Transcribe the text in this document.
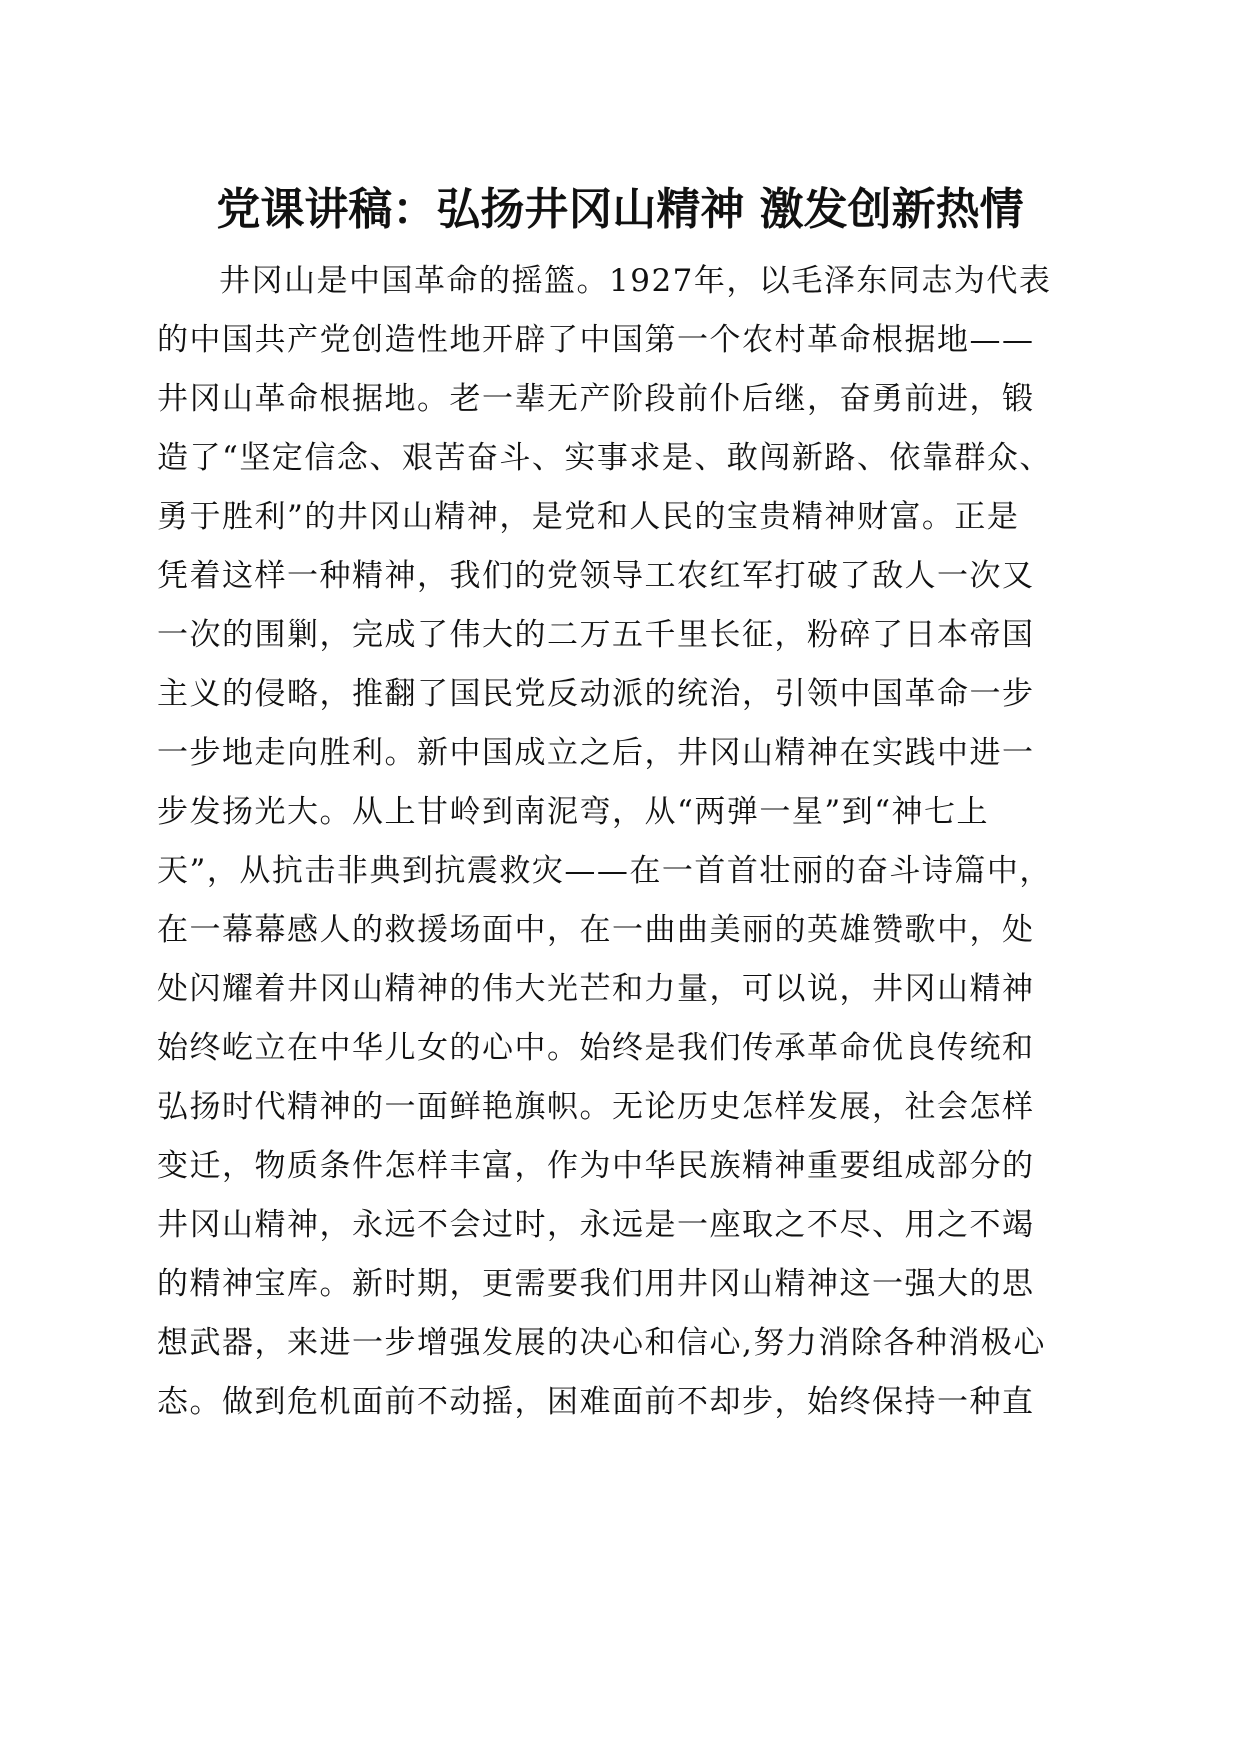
党课讲稿：弘扬井冈山精神 激发创新热情
井冈山是中国革命的摇篮。1927年，以毛泽东同志为代表
的中国共产党创造性地开辟了中国第一个农村革命根据地——
井冈山革命根据地。老一辈无产阶段前仆后继，奋勇前进，锻
造了“坚定信念、艰苦奋斗、实事求是、敢闯新路、依靠群众、
勇于胜利”的井冈山精神，是党和人民的宝贵精神财富。正是
凭着这样一种精神，我们的党领导工农红军打破了敌人一次又
一次的围剿，完成了伟大的二万五千里长征，粉碎了日本帝国
主义的侵略，推翻了国民党反动派的统治，引领中国革命一步
一步地走向胜利。新中国成立之后，井冈山精神在实践中进一
步发扬光大。从上甘岭到南泥弯，从“两弹一星”到“神七上
天”，从抗击非典到抗震救灾——在一首首壮丽的奋斗诗篇中，
在一幕幕感人的救援场面中，在一曲曲美丽的英雄赞歌中，处
处闪耀着井冈山精神的伟大光芒和力量，可以说，井冈山精神
始终屹立在中华儿女的心中。始终是我们传承革命优良传统和
弘扬时代精神的一面鲜艳旗帜。无论历史怎样发展，社会怎样
变迁，物质条件怎样丰富，作为中华民族精神重要组成部分的
井冈山精神，永远不会过时，永远是一座取之不尽、用之不竭
的精神宝库。新时期，更需要我们用井冈山精神这一强大的思
想武器，来进一步增强发展的决心和信心,努力消除各种消极心
态。做到危机面前不动摇，困难面前不却步，始终保持一种直
